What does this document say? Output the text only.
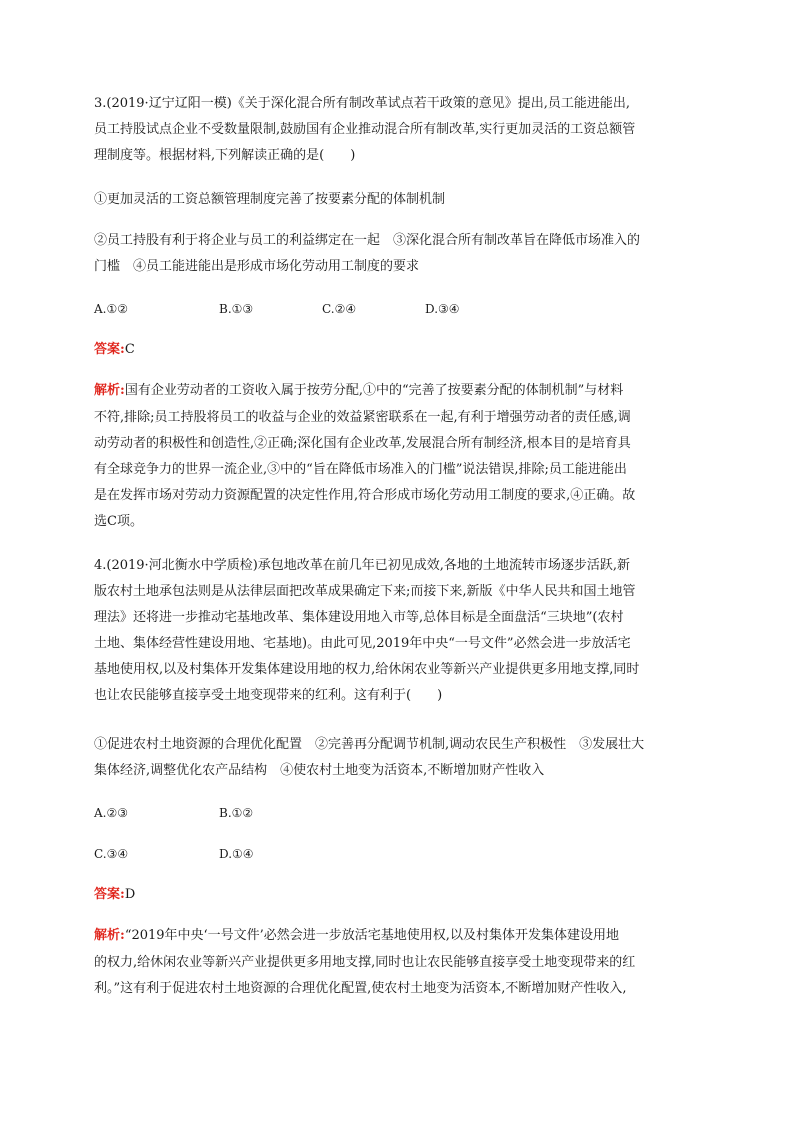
3.(2019·辽宁辽阳一模)《关于深化混合所有制改革试点若干政策的意见》提出,员工能进能出,
员工持股试点企业不受数量限制,鼓励国有企业推动混合所有制改革,实行更加灵活的工资总额管
理制度等。根据材料,下列解读正确的是(　　)
①更加灵活的工资总额管理制度完善了按要素分配的体制机制
②员工持股有利于将企业与员工的利益绑定在一起　③深化混合所有制改革旨在降低市场准入的
门槛　④员工能进能出是形成市场化劳动用工制度的要求
A.①②	B.①③	C.②④	D.③④
答案:C
解析:国有企业劳动者的工资收入属于按劳分配,①中的“完善了按要素分配的体制机制”与材料
不符,排除;员工持股将员工的收益与企业的效益紧密联系在一起,有利于增强劳动者的责任感,调
动劳动者的积极性和创造性,②正确;深化国有企业改革,发展混合所有制经济,根本目的是培育具
有全球竞争力的世界一流企业,③中的“旨在降低市场准入的门槛”说法错误,排除;员工能进能出
是在发挥市场对劳动力资源配置的决定性作用,符合形成市场化劳动用工制度的要求,④正确。故
选C项。
4.(2019·河北衡水中学质检)承包地改革在前几年已初见成效,各地的土地流转市场逐步活跃,新
版农村土地承包法则是从法律层面把改革成果确定下来;而接下来,新版《中华人民共和国土地管
理法》还将进一步推动宅基地改革、集体建设用地入市等,总体目标是全面盘活“三块地”(农村
土地、集体经营性建设用地、宅基地)。由此可见,2019年中央“一号文件”必然会进一步放活宅
基地使用权,以及村集体开发集体建设用地的权力,给休闲农业等新兴产业提供更多用地支撑,同时
也让农民能够直接享受土地变现带来的红利。这有利于(　　)
①促进农村土地资源的合理优化配置　②完善再分配调节机制,调动农民生产积极性　③发展壮大
集体经济,调整优化农产品结构　④使农村土地变为活资本,不断增加财产性收入
A.②③	B.①②
C.③④	D.①④
答案:D
解析:“2019年中央‘一号文件’必然会进一步放活宅基地使用权,以及村集体开发集体建设用地
的权力,给休闲农业等新兴产业提供更多用地支撑,同时也让农民能够直接享受土地变现带来的红
利。”这有利于促进农村土地资源的合理优化配置,使农村土地变为活资本,不断增加财产性收入,
